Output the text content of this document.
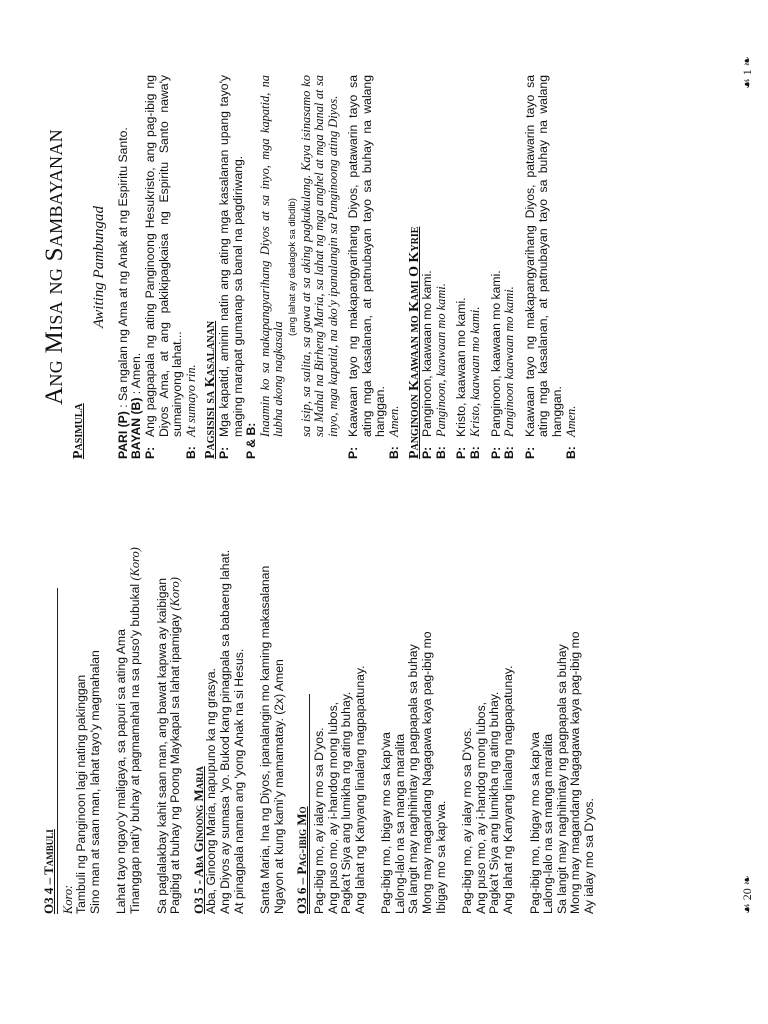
O3 4 – Tambuli Koro: Tambuli ng Panginoon lagi nating pakinggan Sino man at saan man, lahat tayo'y magmahalan Lahat tayo ngayo'y maligaya, sa papuri sa ating Ama Tinanggap nati'y buhay at pagmamahal na sa puso'y bubukal (Koro)
Sa paglalakbay kahit saan man, ang bawat kapwa ay kaibigan Pagibig at buhay ng Poong Maykapal sa lahat ipamigay (Koro)
O3 5 - Aba Ginoong Maria
Aba, Ginoong Maria, napupuno ka ng grasya. Ang Diyos ay sumasa 'yo. Bukod kang pinagpala sa babaeng lahat. At pinagpala naman ang 'yong Anak na si Hesus. Santa Maria, Ina ng Diyos, ipanalangin mo kaming makasalanan Ngayon at kung kami'y mamamatay. (2x) Amen O3 6 – Pag-ibig Mo Pag-ibig mo, ay ialay mo sa D'yos. Ang puso mo, ay i-handog mong lubos, Pagka't Siya ang lumikha ng ating buhay. Ang lahat ng Kanyang linalang nagpapatunay. Pag-ibig mo, Ibigay mo sa kap'wa Lalong-lalo na sa manga maralita Sa langit may naghihintay ng pagpapala sa buhay Mong may magandang Nagagawa kaya pag-ibig mo Ibigay mo sa kap'wa. Pag-ibig mo, ay ialay mo sa D'yos. Ang puso mo, ay i-handog mong lubos, Pagka't Siya ang lumikha ng ating buhay. Ang lahat ng Kanyang linalang nagpapatunay. Pag-ibig mo, Ibigay mo sa kap'wa Lalong-lalo na sa manga maralita Sa langit may naghihintay ng pagpapala sa buhay Mong may magandang Nagagawa kaya pag-ibig mo Ay ialay mo sa D'yos.	☙ 20 ❧
Ang Misa ng Sambayanan
Pasimula
Awiting Pambungad
PARI (P) : Sa ngalan ng Ama at ng Anak at ng Espiritu Santo.
BAYAN (B) : Amen.
P:
Ang pagpapala ng ating Panginoong Hesukristo, ang pag-ibig ng Diyos Ama, at ang pakikipagkaisa ng Espiritu Santo nawa'y sumainyong lahat...
B:
At sumayo rin. Pagsisisi sa Kasalanan
P:
Mga kapatid, aminin natin ang ating mga kasalanan upang tayo'y maging marapat gumanap sa banal na pagdiriwang.
P & B:
Inaamin ko sa makapangyarihang Diyos at sa inyo, mga kapatid, na lubha akong nagkasala
(ang lahat ay dadagok sa dibdib) sa isip, sa salita, sa gawa at sa aking pagkukulang. Kaya isinasamo ko sa Mahal na Birheng Maria, sa lahat ng mga anghel at mga banal at sa inyo, mga kapatid, na ako'y ipanalangin sa Panginoong ating Diyos.
P:
Kaawaan tayo ng makapangyarihang Diyos, patawarin tayo sa ating mga kasalanan, at patnubayan tayo sa buhay na walang hanggan.
B:
Amen. Panginoon Kaawaan mo Kami O Kyrie
P:
Panginoon, kaawaan mo kami.
B:
Panginoon, kaawaan mo kami.
P:
Kristo, kaawaan mo kami.
B:
Kristo, kaawaan mo kami.
P:
Panginoon, kaawaan mo kami.
B:
Panginoon kaawaan mo kami.
P:
Kaawaan tayo ng makapangyarihang Diyos, patawarin tayo sa ating mga kasalanan, at patnubayan tayo sa buhay na walang hanggan.
B:
Amen.
☙ 1 ❧
